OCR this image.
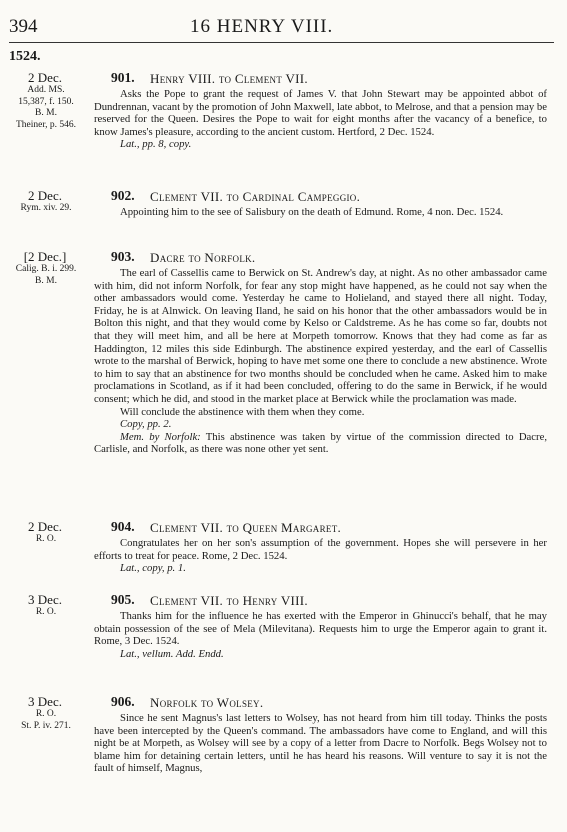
394	16 HENRY VIII.
1524.
2 Dec.
Add. MS.
15,387, f. 150.
B. M.
Theiner, p. 546.
901. Henry VIII. to Clement VII.

Asks the Pope to grant the request of James V. that John Stewart may be appointed abbot of Dundrennan, vacant by the promotion of John Maxwell, late abbot, to Melrose, and that a pension may be reserved for the Queen. Desires the Pope to wait for eight months after the vacancy of a benefice, to know James's pleasure, according to the ancient custom. Hertford, 2 Dec. 1524.

Lat., pp. 8, copy.

2 Dec.
Rym. xiv. 29.
902. Clement VII. to Cardinal Campeggio.

Appointing him to the see of Salisbury on the death of Edmund. Rome, 4 non. Dec. 1524.

[2 Dec.]
Calig. B. i. 299.
B. M.
903. Dacre to Norfolk.

The earl of Cassellis came to Berwick on St. Andrew's day, at night. As no other ambassador came with him, did not inform Norfolk, for fear any stop might have happened, as he could not say when the other ambassadors would come. Yesterday he came to Holieland, and stayed there all night. Today, Friday, he is at Alnwick. On leaving Iland, he said on his honor that the other ambassadors would be in Bolton this night, and that they would come by Kelso or Caldstreme. As he has come so far, doubts not that they will meet him, and all be here at Morpeth tomorrow. Knows that they had come as far as Haddington, 12 miles this side Edinburgh. The abstinence expired yesterday, and the earl of Cassellis wrote to the marshal of Berwick, hoping to have met some one there to conclude a new abstinence. Wrote to him to say that an abstinence for two months should be concluded when he came. Asked him to make proclamations in Scotland, as if it had been concluded, offering to do the same in Berwick, if he would consent; which he did, and stood in the market place at Berwick while the proclamation was made.

Will conclude the abstinence with them when they come.

Copy, pp. 2.

Mem. by Norfolk: This abstinence was taken by virtue of the commission directed to Dacre, Carlisle, and Norfolk, as there was none other yet sent.

2 Dec.
R. O.
904. Clement VII. to Queen Margaret.

Congratulates her on her son's assumption of the government. Hopes she will persevere in her efforts to treat for peace. Rome, 2 Dec. 1524.

Lat., copy, p. 1.

3 Dec.
R. O.
905. Clement VII. to Henry VIII.

Thanks him for the influence he has exerted with the Emperor in Ghinucci's behalf, that he may obtain possession of the see of Mela (Milevitana). Requests him to urge the Emperor again to grant it. Rome, 3 Dec. 1524.

Lat., vellum. Add. Endd.

3 Dec.
R. O.
St. P. iv. 271.
906. Norfolk to Wolsey.

Since he sent Magnus's last letters to Wolsey, has not heard from him till today. Thinks the posts have been intercepted by the Queen's command. The ambassadors have come to England, and will this night be at Morpeth, as Wolsey will see by a copy of a letter from Dacre to Norfolk. Begs Wolsey not to blame him for detaining certain letters, until he has heard his reasons. Will venture to say it is not the fault of himself, Magnus,
